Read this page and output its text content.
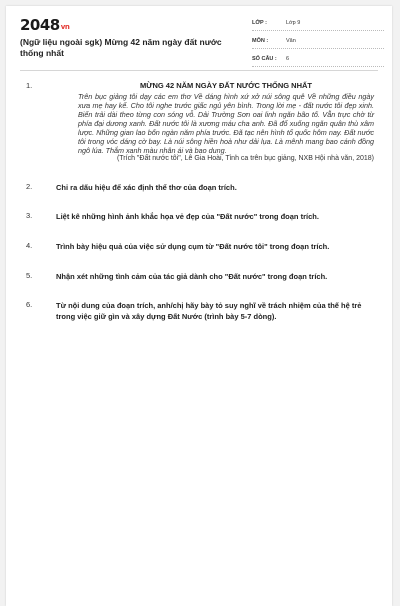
2048vn
(Ngữ liệu ngoài sgk) Mừng 42 năm ngày đất nước thống nhất
LỚP :	Lớp 9
MÔN :	Văn
SỐ CÂU :	6
1.	MỪNG 42 NĂM NGÀY ĐẤT NƯỚC THỐNG NHẤT
Trên bục giảng tôi dạy các em thơ Về dáng hình xứ xở núi sông quê Về những điều ngày xưa mẹ hay kể. Cho tôi nghe trước giấc ngủ yên bình. Trong lời mẹ - đất nước tôi đẹp xinh. Biển trải dài theo từng con sóng vỗ. Dải Trường Sơn oai linh ngăn bão tố. Vẫn trực chờ từ phía đại dương xanh. Đất nước tôi là xương máu cha anh. Đã đổ xuống ngăn quân thù xâm lược. Những gian lao bốn ngàn năm phía trước. Đã tạc nên hình tổ quốc hôm nay. Đất nước tôi trong vóc dáng cờ bay. Là núi sông hiền hoà như dải lụa. Là mênh mang bao cánh đồng ngô lúa. Thắm xanh màu nhân ái và bao dung.
(Trích "Đất nước tôi", Lê Gia Hoài, Tỉnh ca trên bục giảng, NXB Hội nhà văn, 2018)
2.	Chỉ ra dấu hiệu để xác định thể thơ của đoạn trích.
3.	Liệt kê những hình ảnh khắc họa vẻ đẹp của "Đất nước" trong đoạn trích.
4.	Trình bày hiệu quả của việc sử dụng cụm từ "Đất nước tôi" trong đoạn trích.
5.	Nhận xét những tình cảm của tác giả dành cho "Đất nước" trong đoạn trích.
6.	Từ nội dung của đoạn trích, anh/chị hãy bày tỏ suy nghĩ về trách nhiệm của thế hệ trẻ trong việc giữ gìn và xây dựng Đất Nước (trình bày 5-7 dòng).
